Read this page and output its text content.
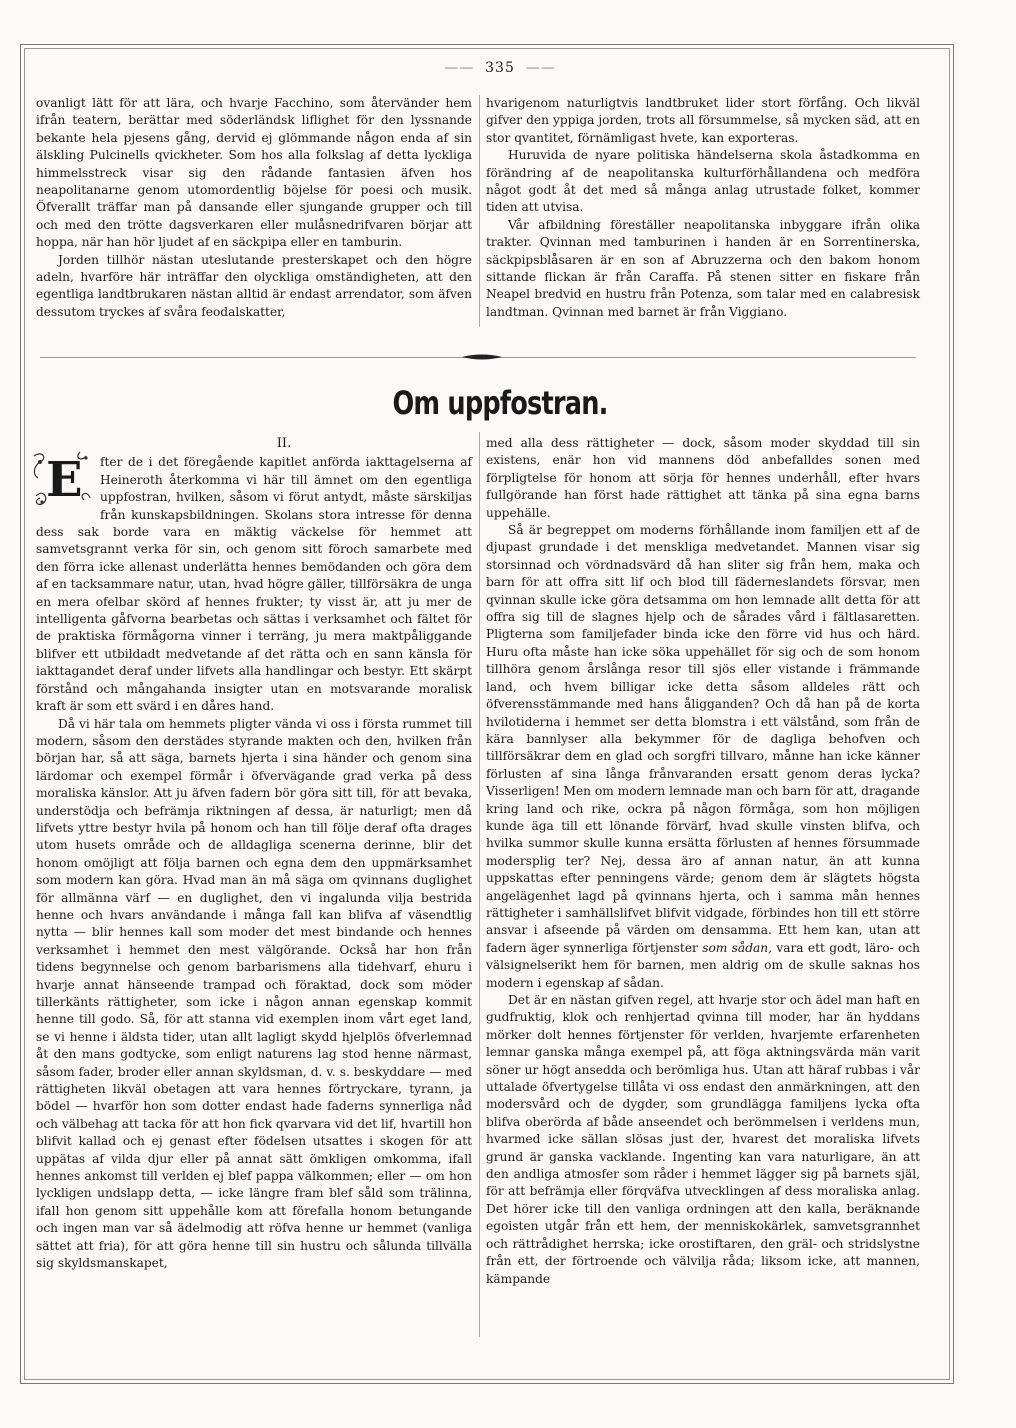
——  335  ——

ovanligt lätt för att lära, och hvarje Facchino, som återvänder hem ifrån teatern, berättar med söderländsk liflighet för den lyssnande bekante hela pjesens gång, dervid ej glömmande någon enda af sin älskling Pulcinells qvickheter. Som hos alla folkslag af detta lyckliga himmelsstreck visar sig den rådande fantasien äfven hos neapolitanarne genom utomordentlig böjelse för poesi och musik. Öfverallt träffar man på dansande eller sjungande grupper och till och med den trötte dagsverkaren eller mulåsnedrifvaren börjar att hoppa, när han hör ljudet af en säckpipa eller en tamburin.

Jorden tillhör nästan uteslutande presterskapet och den högre adeln, hvarföre här inträffar den olyckliga omständigheten, att den egentliga landtbrukaren nästan alltid är endast arrendator, som äfven dessutom tryckes af svåra feodalskatter,

hvarigenom naturligtvis landtbruket lider stort förfång. Och likväl gifver den yppiga jorden, trots all försummelse, så mycken säd, att en stor qvantitet, förnämligast hvete, kan exporteras.

Huruvida de nyare politiska händelserna skola åstadkomma en förändring af de neapolitanska kulturförhållandena och medföra något godt åt det med så många anlag utrustade folket, kommer tiden att utvisa.

Vår afbildning föreställer neapolitanska inbyggare ifrån olika trakter. Qvinnan med tamburinen i handen är en Sorrentinerska, säckpipsblåsaren är en son af Abruzzerna och den bakom honom sittande flickan är från Caraffa. På stenen sitter en fiskare från Neapel bredvid en hustru från Potenza, som talar med en calabresisk landtman. Qvinnan med barnet är från Viggiano.

Om uppfostran.
II.
E	fter de i det föregående kapitlet anförda iakttagelserna af Heineroth återkomma vi här till ämnet om den egentliga uppfostran, hvilken, såsom vi förut antydt, måste särskiljas från kunskapsbildningen. Skolans stora intresse för denna dess sak borde vara en mäktig väckelse för hemmet att samvetsgrannt verka för sin, och genom sitt föroch samarbete med den förra icke allenast underlätta hennes bemödanden och göra dem af en tacksammare natur, utan, hvad högre gäller, tillförsäkra de unga en mera ofelbar skörd af hennes frukter; ty visst är, att ju mer de intelligenta gåfvorna bearbetas och sättas i verksamhet och fältet för de praktiska förmågorna vinner i terräng, ju mera maktpåliggande blifver ett utbildadt medvetande af det rätta och en sann känsla för iakttagandet deraf under lifvets alla handlingar och bestyr. Ett skärpt förstånd och mångahanda insigter utan en motsvarande moralisk kraft är som ett svärd i en dåres hand.

Då vi här tala om hemmets pligter vända vi oss i första rummet till modern, såsom den derstädes styrande makten och den, hvilken från början har, så att säga, barnets hjerta i sina händer och genom sina lärdomar och exempel förmår i öfvervägande grad verka på dess moraliska känslor. Att ju äfven fadern bör göra sitt till, för att bevaka, understödja och befrämja riktningen af dessa, är naturligt; men då lifvets yttre bestyr hvila på honom och han till följe deraf ofta drages utom husets område och de alldagliga scenerna derinne, blir det honom omöjligt att följa barnen och egna dem den uppmärksamhet som modern kan göra. Hvad man än må säga om qvinnans duglighet för allmänna värf — en duglighet, den vi ingalunda vilja bestrida henne och hvars användande i många fall kan blifva af väsendtlig nytta — blir hennes kall som moder det mest bindande och hennes verksamhet i hemmet den mest välgörande. Också har hon från tidens begynnelse och genom barbarismens alla tidehvarf, ehuru i hvarje annat hänseende trampad och föraktad, dock som möder tillerkänts rättigheter, som icke i någon annan egenskap kommit henne till godo. Så, för att stanna vid exemplen inom vårt eget land, se vi henne i äldsta tider, utan allt lagligt skydd hjelplös öfverlemnad åt den mans godtycke, som enligt naturens lag stod henne närmast, såsom fader, broder eller annan skyldsman, d. v. s. beskyddare — med rättigheten likväl obetagen att vara hennes förtryckare, tyrann, ja bödel — hvarför hon som dotter endast hade faderns synnerliga nåd och välbehag att tacka för att hon fick qvarvara vid det lif, hvartill hon blifvit kallad och ej genast efter födelsen utsattes i skogen för att uppätas af vilda djur eller på annat sätt ömkligen omkomma, ifall hennes ankomst till verlden ej blef pappa välkommen; eller — om hon lyckligen undslapp detta, — icke längre fram blef såld som trälinna, ifall hon genom sitt uppehålle kom att förefalla honom betungande och ingen man var så ädelmodig att röfva henne ur hemmet (vanliga sättet att fria), för att göra henne till sin hustru och sålunda tillvälla sig skyldsmanskapet,

med alla dess rättigheter — dock, såsom moder skyddad till sin existens, enär hon vid mannens död anbefalldes sonen med förpligtelse för honom att sörja för hennes underhåll, efter hvars fullgörande han först hade rättighet att tänka på sina egna barns uppehälle.

Så är begreppet om moderns förhållande inom familjen ett af de djupast grundade i det menskliga medvetandet. Mannen visar sig storsinnad och vördnadsvärd då han sliter sig från hem, maka och barn för att offra sitt lif och blod till fäderneslandets försvar, men qvinnan skulle icke göra detsamma om hon lemnade allt detta för att offra sig till de slagnes hjelp och de sårades vård i fältlasaretten. Pligterna som familjefader binda icke den förre vid hus och härd. Huru ofta måste han icke söka uppehället för sig och de som honom tillhöra genom årslånga resor till sjös eller vistande i främmande land, och hvem billigar icke detta såsom alldeles rätt och öfverensstämmande med hans åligganden? Och då han på de korta hvilotiderna i hemmet ser detta blomstra i ett välstånd, som från de kära bannlyser alla bekymmer för de dagliga behofven och tillförsäkrar dem en glad och sorgfri tillvaro, månne han icke känner förlusten af sina långa frånvaranden ersatt genom deras lycka? Visserligen! Men om modern lemnade man och barn för att, dragande kring land och rike, ockra på någon förmåga, som hon möjligen kunde äga till ett lönande förvärf, hvad skulle vinsten blifva, och hvilka summor skulle kunna ersätta förlusten af hennes försummade modersplig ter? Nej, dessa äro af annan natur, än att kunna uppskattas efter penningens värde; genom dem är slägtets högsta angelägenhet lagd på qvinnans hjerta, och i samma mån hennes rättigheter i samhällslifvet blifvit vidgade, förbindes hon till ett större ansvar i afseende på värden om densamma. Ett hem kan, utan att fadern äger synnerliga förtjenster som sådan, vara ett godt, läro- och välsignelserikt hem för barnen, men aldrig om de skulle saknas hos modern i egenskap af sådan.

Det är en nästan gifven regel, att hvarje stor och ädel man haft en gudfruktig, klok och renhjertad qvinna till moder, har än hyddans mörker dolt hennes förtjenster för verlden, hvarjemte erfarenheten lemnar ganska många exempel på, att föga aktningsvärda män varit söner ur högt ansedda och berömliga hus. Utan att häraf rubbas i vår uttalade öfvertygelse tillåta vi oss endast den anmärkningen, att den modersvård och de dygder, som grundlägga familjens lycka ofta blifva oberörda af både anseendet och berömmelsen i verldens mun, hvarmed icke sällan slösas just der, hvarest det moraliska lifvets grund är ganska vacklande. Ingenting kan vara naturligare, än att den andliga atmosfer som råder i hemmet lägger sig på barnets själ, för att befrämja eller förqväfva utvecklingen af dess moraliska anlag. Det hörer icke till den vanliga ordningen att den kalla, beräknande egoisten utgår från ett hem, der menniskokärlek, samvetsgrannhet och rättrådighet herrska; icke orostiftaren, den gräl- och stridslystne från ett, der förtroende och välvilja råda; liksom icke, att mannen, kämpande
